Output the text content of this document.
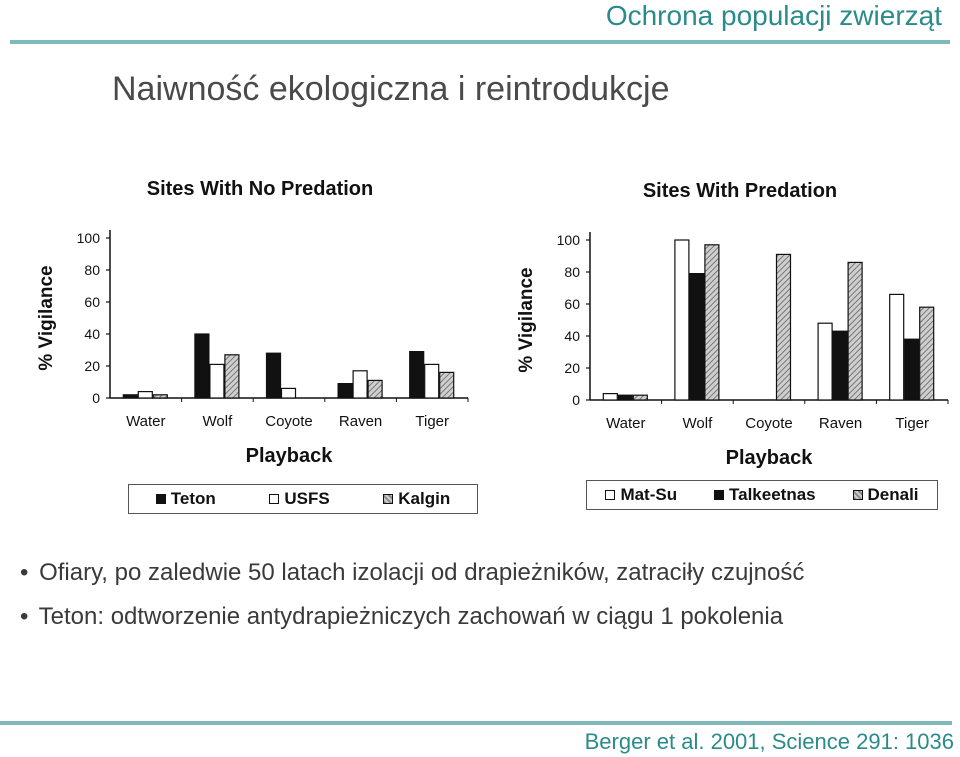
Ochrona populacji zwierząt
Naiwność ekologiczna i reintrodukcje
Sites With No Predation
% Vigilance
0
20
40
60
80
100
Water Wolf Coyote Raven Tiger
Playback
Teton	USFS	Kalgin
Sites With Predation
% Vigilance
0
20
40
60
80
100
Water Wolf Coyote Raven Tiger
Playback
Mat-Su	Talkeetnas	Denali
• Ofiary, po zaledwie 50 latach izolacji od drapieżników, zatraciły czujność
• Teton: odtworzenie antydrapieżniczych zachowań w ciągu 1 pokolenia
Berger et al. 2001, Science 291: 1036
